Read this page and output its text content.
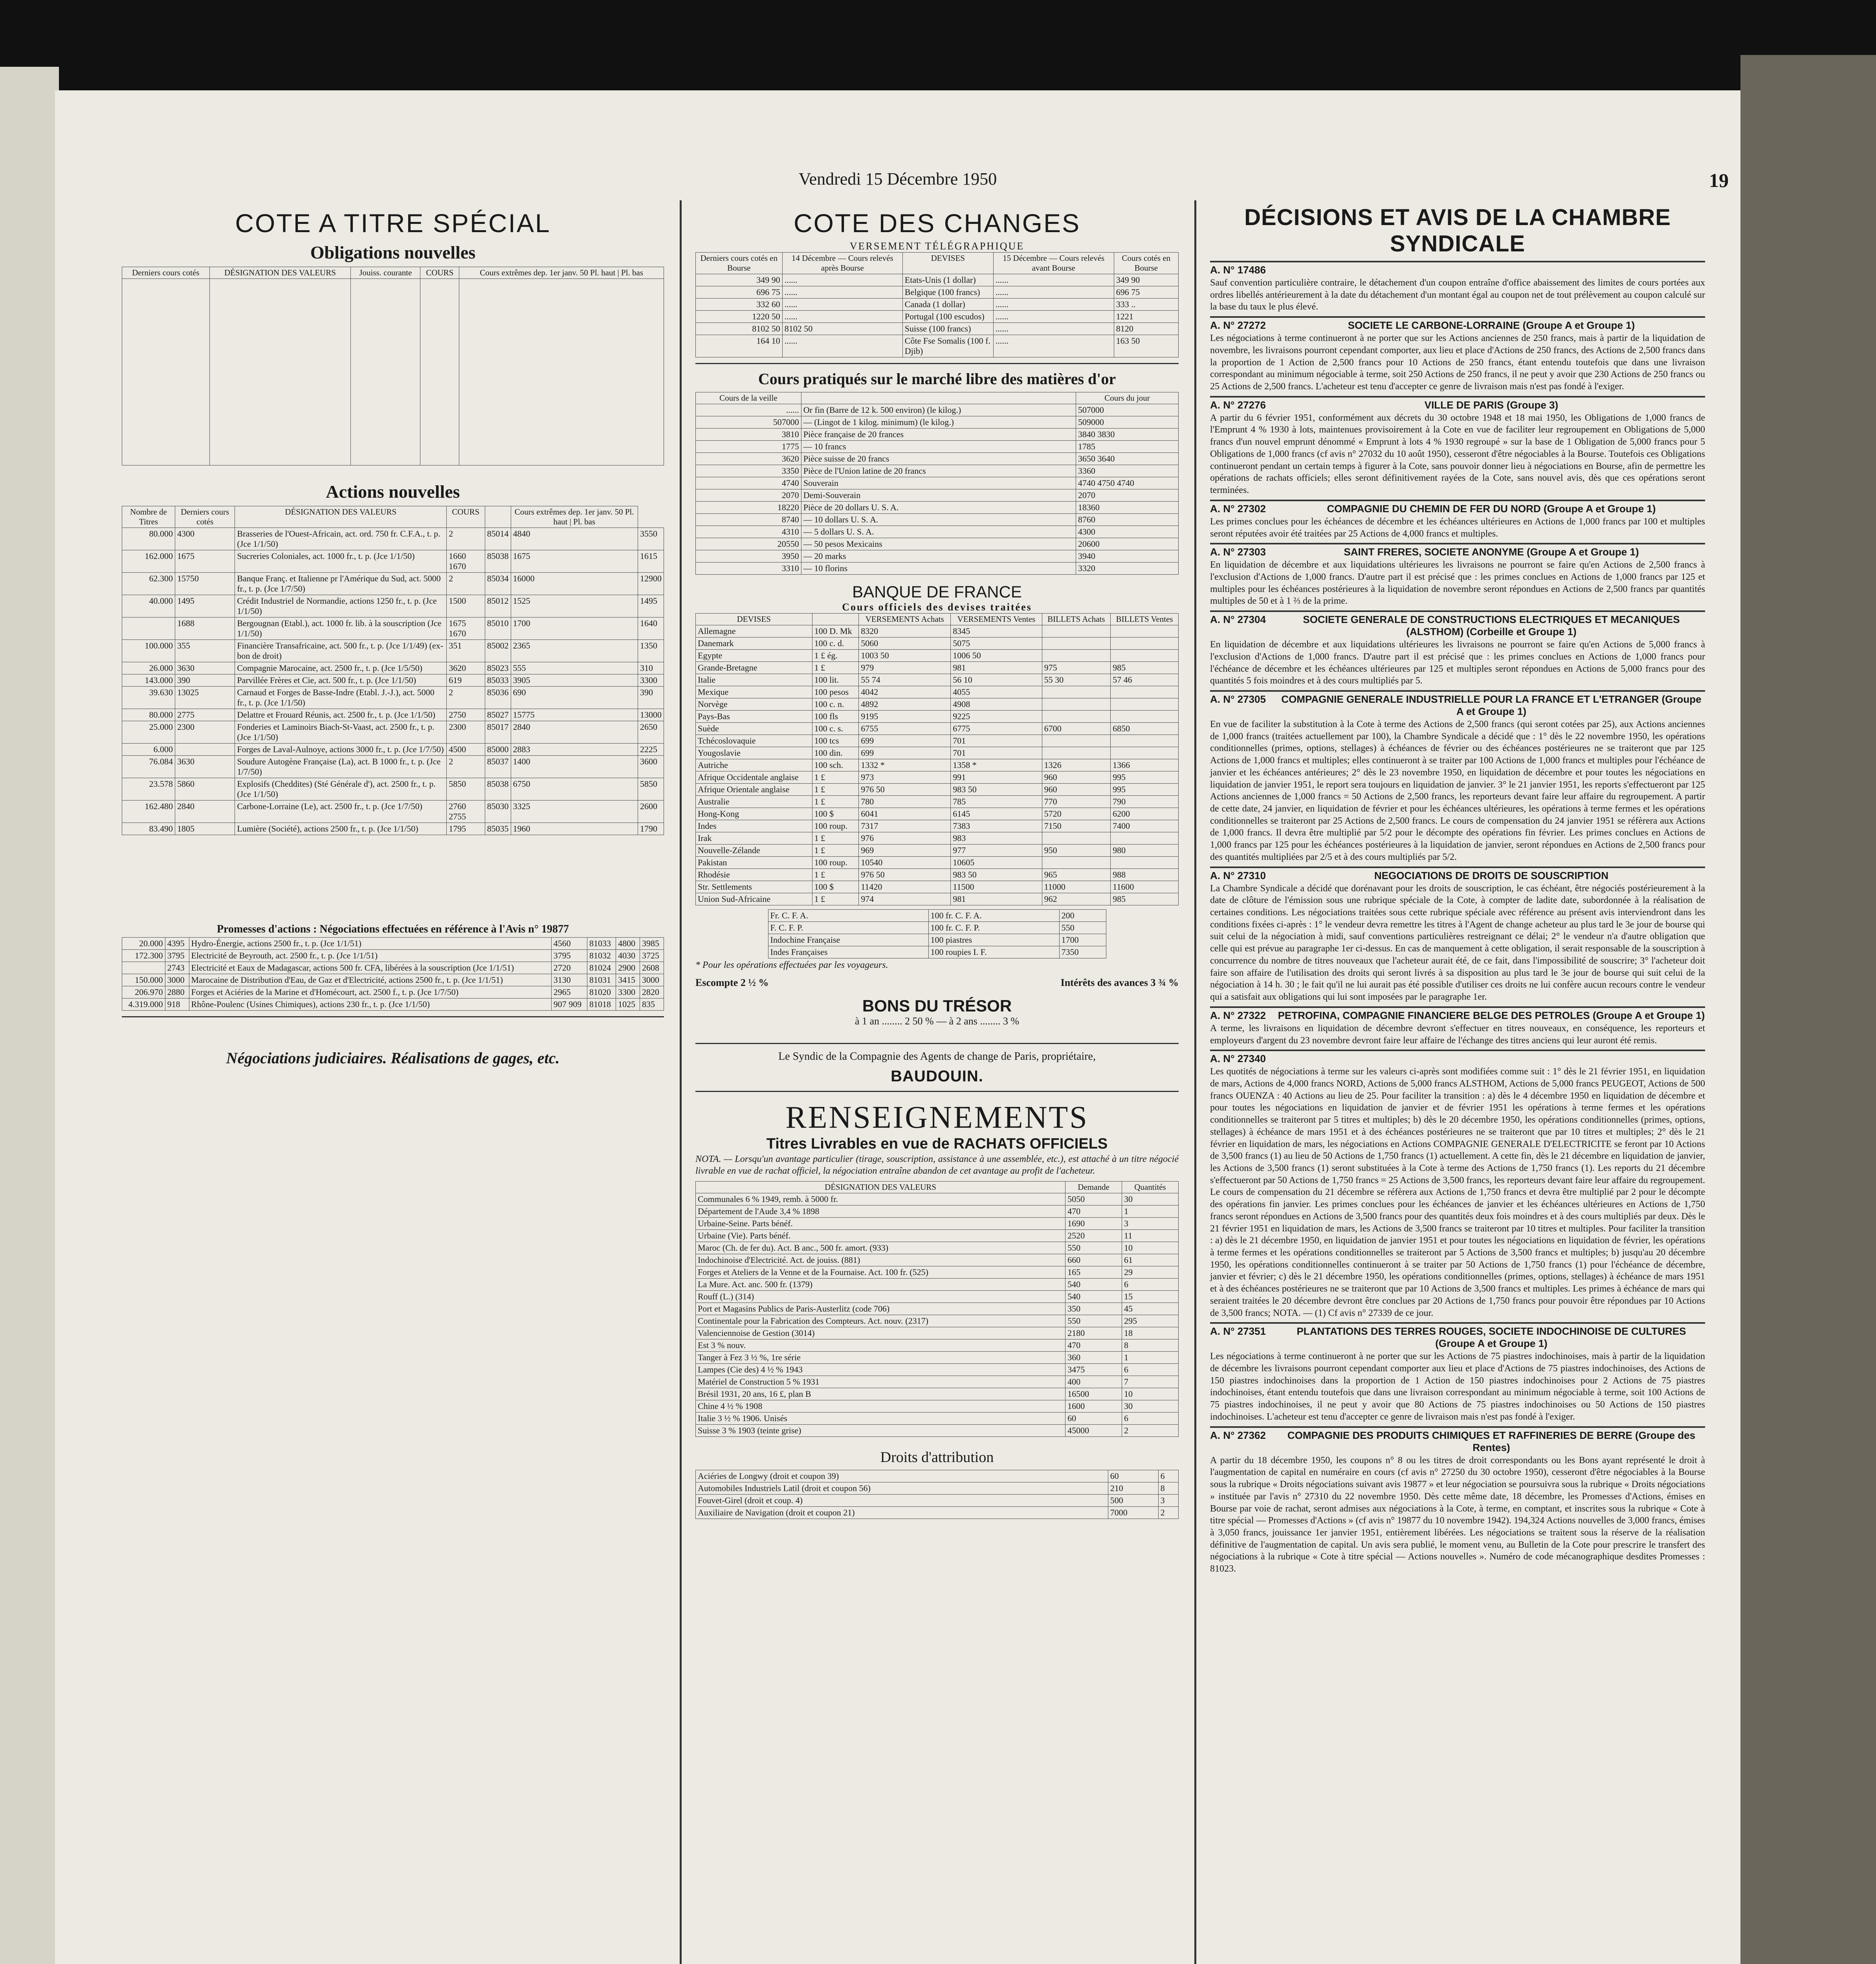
Vendredi 15 Décembre 1950	19
COTE A TITRE SPÉCIAL
Obligations nouvelles
Derniers cours cotés	DÉSIGNATION DES VALEURS	Jouiss. courante	COURS	Cours extrêmes dep. 1er janv. 50 Pl. haut | Pl. bas

Actions nouvelles
Nombre de Titres	Derniers cours cotés	DÉSIGNATION DES VALEURS	COURS		Cours extrêmes dep. 1er janv. 50 Pl. haut | Pl. bas	
80.000	4300	Brasseries de l'Ouest-Africain, act. ord. 750 fr. C.F.A., t. p. (Jce 1/1/50)	2	85014	4840	3550
162.000	1675	Sucreries Coloniales, act. 1000 fr., t. p. (Jce 1/1/50)	1660 1670	85038	1675	1615
62.300	15750	Banque Franç. et Italienne pr l'Amérique du Sud, act. 5000 fr., t. p. (Jce 1/7/50)	2	85034	16000	12900
40.000	1495	Crédit Industriel de Normandie, actions 1250 fr., t. p. (Jce 1/1/50)	1500	85012	1525	1495
	1688	Bergougnan (Etabl.), act. 1000 fr. lib. à la souscription (Jce 1/1/50)	1675 1670	85010	1700	1640
100.000	355	Financière Transafricaine, act. 500 fr., t. p. (Jce 1/1/49) (ex-bon de droit)	351	85002	2365	1350
26.000	3630	Compagnie Marocaine, act. 2500 fr., t. p. (Jce 1/5/50)	3620	85023	555	310
143.000	390	Parvillée Frères et Cie, act. 500 fr., t. p. (Jce 1/1/50)	619	85033	3905	3300
39.630	13025	Carnaud et Forges de Basse-Indre (Etabl. J.-J.), act. 5000 fr., t. p. (Jce 1/1/50)	2	85036	690	390
80.000	2775	Delattre et Frouard Réunis, act. 2500 fr., t. p. (Jce 1/1/50)	2750	85027	15775	13000
25.000	2300	Fonderies et Laminoirs Biach-St-Vaast, act. 2500 fr., t. p. (Jce 1/1/50)	2300	85017	2840	2650
6.000		Forges de Laval-Aulnoye, actions 3000 fr., t. p. (Jce 1/7/50)	4500	85000	2883	2225
76.084	3630	Soudure Autogène Française (La), act. B 1000 fr., t. p. (Jce 1/7/50)	2	85037	1400	3600
23.578	5860	Explosifs (Cheddites) (Sté Générale d'), act. 2500 fr., t. p. (Jce 1/1/50)	5850	85038	6750	5850
162.480	2840	Carbone-Lorraine (Le), act. 2500 fr., t. p. (Jce 1/7/50)	2760 2755	85030	3325	2600
83.490	1805	Lumière (Société), actions 2500 fr., t. p. (Jce 1/1/50)	1795	85035	1960	1790
Promesses d'actions : Négociations effectuées en référence à l'Avis n° 19877
20.000	4395	Hydro-Énergie, actions 2500 fr., t. p. (Jce 1/1/51)	4560	81033	4800	3985
172.300	3795	Electricité de Beyrouth, act. 2500 fr., t. p. (Jce 1/1/51)	3795	81032	4030	3725
	2743	Electricité et Eaux de Madagascar, actions 500 fr. CFA, libérées à la souscription (Jce 1/1/51)	2720	81024	2900	2608
150.000	3000	Marocaine de Distribution d'Eau, de Gaz et d'Electricité, actions 2500 fr., t. p. (Jce 1/1/51)	3130	81031	3415	3000
206.970	2880	Forges et Aciéries de la Marine et d'Homécourt, act. 2500 f., t. p. (Jce 1/7/50)	2965	81020	3300	2820
4.319.000	918	Rhône-Poulenc (Usines Chimiques), actions 230 fr., t. p. (Jce 1/1/50)	907 909	81018	1025	835
Négociations judiciaires. Réalisations de gages, etc.
COTE DES CHANGES
VERSEMENT TÉLÉGRAPHIQUE
Derniers cours cotés en Bourse	14 Décembre — Cours relevés après Bourse	DEVISES	15 Décembre — Cours relevés avant Bourse	Cours cotés en Bourse
349 90	......	Etats-Unis (1 dollar)	......	349 90
696 75	......	Belgique (100 francs)	......	696 75
332 60	......	Canada (1 dollar)	......	333 ..
1220 50	......	Portugal (100 escudos)	......	1221
8102 50	8102 50	Suisse (100 francs)	......	8120
164 10	......	Côte Fse Somalis (100 f. Djib)	......	163 50
Cours pratiqués sur le marché libre des matières d'or
Cours de la veille		Cours du jour
......	Or fin (Barre de 12 k. 500 environ) (le kilog.)	507000
507000	— (Lingot de 1 kilog. minimum) (le kilog.)	509000
3810	Pièce française de 20 frances	3840 3830
1775	— 10 francs	1785
3620	Pièce suisse de 20 francs	3650 3640
3350	Pièce de l'Union latine de 20 francs	3360
4740	Souverain	4740 4750 4740
2070	Demi-Souverain	2070
18220	Pièce de 20 dollars U. S. A.	18360
8740	— 10 dollars U. S. A.	8760
4310	— 5 dollars U. S. A.	4300
20550	— 50 pesos Mexicains	20600
3950	— 20 marks	3940
3310	— 10 florins	3320
BANQUE DE FRANCE
Cours officiels des devises traitées
DEVISES		VERSEMENTS Achats	VERSEMENTS Ventes	BILLETS Achats	BILLETS Ventes
Allemagne	100 D. Mk	8320	8345		
Danemark	100 c. d.	5060	5075		
Egypte	1 £ ég.	1003 50	1006 50		
Grande-Bretagne	1 £	979	981	975	985
Italie	100 lit.	55 74	56 10	55 30	57 46
Mexique	100 pesos	4042	4055		
Norvège	100 c. n.	4892	4908		
Pays-Bas	100 fls	9195	9225		
Suède	100 c. s.	6755	6775	6700	6850
Tchécoslovaquie	100 tcs	699	701		
Yougoslavie	100 din.	699	701		
Autriche	100 sch.	1332 *	1358 *	1326	1366
Afrique Occidentale anglaise	1 £	973	991	960	995
Afrique Orientale anglaise	1 £	976 50	983 50	960	995
Australie	1 £	780	785	770	790
Hong-Kong	100 $	6041	6145	5720	6200
Indes	100 roup.	7317	7383	7150	7400
Irak	1 £	976	983		
Nouvelle-Zélande	1 £	969	977	950	980
Pakistan	100 roup.	10540	10605		
Rhodésie	1 £	976 50	983 50	965	988
Str. Settlements	100 $	11420	11500	11000	11600
Union Sud-Africaine	1 £	974	981	962	985
Fr. C. F. A.	100 fr. C. F. A.	200
F. C. F. P.	100 fr. C. F. P.	550
Indochine Française	100 piastres	1700
Indes Françaises	100 roupies I. F.	7350
* Pour les opérations effectuées par les voyageurs.
Escompte 2 ½ %	Intérêts des avances 3 ¾ %
BONS DU TRÉSOR
à 1 an ........ 2 50 % — à 2 ans ........ 3 %
Le Syndic de la Compagnie des Agents de change de Paris, propriétaire,
BAUDOUIN.
RENSEIGNEMENTS
Titres Livrables en vue de RACHATS OFFICIELS
NOTA. — Lorsqu'un avantage particulier (tirage, souscription, assistance à une assemblée, etc.), est attaché à un titre négocié livrable en vue de rachat officiel, la négociation entraîne abandon de cet avantage au profit de l'acheteur.
DÉSIGNATION DES VALEURS	Demande	Quantités
Communales 6 % 1949, remb. à 5000 fr.	5050	30
Département de l'Aude 3,4 % 1898	470	1
Urbaine-Seine. Parts bénéf.	1690	3
Urbaine (Vie). Parts bénéf.	2520	11
Maroc (Ch. de fer du). Act. B anc., 500 fr. amort. (933)	550	10
Indochinoise d'Electricité. Act. de jouiss. (881)	660	61
Forges et Ateliers de la Venne et de la Fournaise. Act. 100 fr. (525)	165	29
La Mure. Act. anc. 500 fr. (1379)	540	6
Rouff (L.) (314)	540	15
Port et Magasins Publics de Paris-Austerlitz (code 706)	350	45
Continentale pour la Fabrication des Compteurs. Act. nouv. (2317)	550	295
Valenciennoise de Gestion (3014)	2180	18
Est 3 % nouv.	470	8
Tanger à Fez 3 ½ %, 1re série	360	1
Lampes (Cie des) 4 ½ % 1943	3475	6
Matériel de Construction 5 % 1931	400	7
Brésil 1931, 20 ans, 16 £, plan B	16500	10
Chine 4 ½ % 1908	1600	30
Italie 3 ½ % 1906. Unisés	60	6
Suisse 3 % 1903 (teinte grise)	45000	2
Droits d'attribution
Aciéries de Longwy (droit et coupon 39)	60	6
Automobiles Industriels Latil (droit et coupon 56)	210	8
Fouvet-Girel (droit et coup. 4)	500	3
Auxiliaire de Navigation (droit et coupon 21)	7000	2
DÉCISIONS ET AVIS DE LA CHAMBRE SYNDICALE
A. N° 17486
Sauf convention particulière contraire, le détachement d'un coupon entraîne d'office abaissement des limites de cours portées aux ordres libellés antérieurement à la date du détachement d'un montant égal au coupon net de tout prélèvement au coupon calculé sur la base du taux le plus élevé.
A. N° 27272	SOCIETE LE CARBONE-LORRAINE (Groupe A et Groupe 1)
Les négociations à terme continueront à ne porter que sur les Actions anciennes de 250 francs, mais à partir de la liquidation de novembre, les livraisons pourront cependant comporter, aux lieu et place d'Actions de 250 francs, des Actions de 2,500 francs dans la proportion de 1 Action de 2,500 francs pour 10 Actions de 250 francs, étant entendu toutefois que dans une livraison correspondant au minimum négociable à terme, soit 250 Actions de 250 francs, il ne peut y avoir que 230 Actions de 250 francs ou 25 Actions de 2,500 francs. L'acheteur est tenu d'accepter ce genre de livraison mais n'est pas fondé à l'exiger.
A. N° 27276	VILLE DE PARIS (Groupe 3)
A partir du 6 février 1951, conformément aux décrets du 30 octobre 1948 et 18 mai 1950, les Obligations de 1,000 francs de l'Emprunt 4 % 1930 à lots, maintenues provisoirement à la Cote en vue de faciliter leur regroupement en Obligations de 5,000 francs d'un nouvel emprunt dénommé « Emprunt à lots 4 % 1930 regroupé » sur la base de 1 Obligation de 5,000 francs pour 5 Obligations de 1,000 francs (cf avis n° 27032 du 10 août 1950), cesseront d'être négociables à la Bourse. Toutefois ces Obligations continueront pendant un certain temps à figurer à la Cote, sans pouvoir donner lieu à négociations en Bourse, afin de permettre les opérations de rachats officiels; elles seront définitivement rayées de la Cote, sans nouvel avis, dès que ces opérations seront terminées.
A. N° 27302	COMPAGNIE DU CHEMIN DE FER DU NORD (Groupe A et Groupe 1)
Les primes conclues pour les échéances de décembre et les échéances ultérieures en Actions de 1,000 francs par 100 et multiples seront réputées avoir été traitées par 25 Actions de 4,000 francs et multiples.
A. N° 27303	SAINT FRERES, SOCIETE ANONYME (Groupe A et Groupe 1)
En liquidation de décembre et aux liquidations ultérieures les livraisons ne pourront se faire qu'en Actions de 2,500 francs à l'exclusion d'Actions de 1,000 francs. D'autre part il est précisé que : les primes conclues en Actions de 1,000 francs par 125 et multiples pour les échéances postérieures à la liquidation de novembre seront répondues en Actions de 2,500 francs par quantités multiples de 50 et à 1 ⅔ de la prime.
A. N° 27304	SOCIETE GENERALE DE CONSTRUCTIONS ELECTRIQUES ET MECANIQUES (ALSTHOM) (Corbeille et Groupe 1)
En liquidation de décembre et aux liquidations ultérieures les livraisons ne pourront se faire qu'en Actions de 5,000 francs à l'exclusion d'Actions de 1,000 francs. D'autre part il est précisé que : les primes conclues en Actions de 1,000 francs pour l'échéance de décembre et les échéances ultérieures par 125 et multiples seront répondues en Actions de 5,000 francs pour des quantités 5 fois moindres et à des cours multipliés par 5.
A. N° 27305	COMPAGNIE GENERALE INDUSTRIELLE POUR LA FRANCE ET L'ETRANGER (Groupe A et Groupe 1)
En vue de faciliter la substitution à la Cote à terme des Actions de 2,500 francs (qui seront cotées par 25), aux Actions anciennes de 1,000 francs (traitées actuellement par 100), la Chambre Syndicale a décidé que : 1° dès le 22 novembre 1950, les opérations conditionnelles (primes, options, stellages) à échéances de février ou des échéances postérieures ne se traiteront que par 125 Actions de 1,000 francs et multiples; elles continueront à se traiter par 100 Actions de 1,000 francs et multiples pour l'échéance de janvier et les échéances antérieures; 2° dès le 23 novembre 1950, en liquidation de décembre et pour toutes les négociations en liquidation de janvier 1951, le report sera toujours en liquidation de janvier. 3° le 21 janvier 1951, les reports s'effectueront par 125 Actions anciennes de 1,000 francs = 50 Actions de 2,500 francs, les reporteurs devant faire leur affaire du regroupement. A partir de cette date, 24 janvier, en liquidation de février et pour les échéances ultérieures, les opérations à terme fermes et les opérations conditionnelles se traiteront par 25 Actions de 2,500 francs. Le cours de compensation du 24 janvier 1951 se réfèrera aux Actions de 1,000 francs. Il devra être multiplié par 5/2 pour le décompte des opérations fin février. Les primes conclues en Actions de 1,000 francs par 125 pour les échéances postérieures à la liquidation de janvier, seront répondues en Actions de 2,500 francs pour des quantités multipliées par 2/5 et à des cours multipliés par 5/2.
A. N° 27310	NEGOCIATIONS DE DROITS DE SOUSCRIPTION
La Chambre Syndicale a décidé que dorénavant pour les droits de souscription, le cas échéant, être négociés postérieurement à la date de clôture de l'émission sous une rubrique spéciale de la Cote, à compter de ladite date, subordonnée à la réalisation de certaines conditions. Les négociations traitées sous cette rubrique spéciale avec référence au présent avis interviendront dans les conditions fixées ci-après : 1° le vendeur devra remettre les titres à l'Agent de change acheteur au plus tard le 3e jour de bourse qui suit celui de la négociation à midi, sauf conventions particulières restreignant ce délai; 2° le vendeur n'a d'autre obligation que celle qui est prévue au paragraphe 1er ci-dessus. En cas de manquement à cette obligation, il serait responsable de la souscription à concurrence du nombre de titres nouveaux que l'acheteur aurait été, de ce fait, dans l'impossibilité de souscrire; 3° l'acheteur doit faire son affaire de l'utilisation des droits qui seront livrés à sa disposition au plus tard le 3e jour de bourse qui suit celui de la négociation à 14 h. 30 ; le fait qu'il ne lui aurait pas été possible d'utiliser ces droits ne lui confère aucun recours contre le vendeur qui a satisfait aux obligations qui lui sont imposées par le paragraphe 1er.
A. N° 27322 PETROFINA, COMPAGNIE FINANCIERE BELGE DES PETROLES (Groupe A et Groupe 1)
A terme, les livraisons en liquidation de décembre devront s'effectuer en titres nouveaux, en conséquence, les reporteurs et employeurs d'argent du 23 novembre devront faire leur affaire de l'échange des titres anciens qui leur auront été remis.
A. N° 27340
Les quotités de négociations à terme sur les valeurs ci-après sont modifiées comme suit : 1° dès le 21 février 1951, en liquidation de mars, Actions de 4,000 francs NORD, Actions de 5,000 francs ALSTHOM, Actions de 5,000 francs PEUGEOT, Actions de 500 francs OUENZA : 40 Actions au lieu de 25. Pour faciliter la transition : a) dès le 4 décembre 1950 en liquidation de décembre et pour toutes les négociations en liquidation de janvier et de février 1951 les opérations à terme fermes et les opérations conditionnelles se traiteront par 5 titres et multiples; b) dès le 20 décembre 1950, les opérations conditionnelles (primes, options, stellages) à échéance de mars 1951 et à des échéances postérieures ne se traiteront que par 10 titres et multiples; 2° dès le 21 février en liquidation de mars, les négociations en Actions COMPAGNIE GENERALE D'ELECTRICITE se feront par 10 Actions de 3,500 francs (1) au lieu de 50 Actions de 1,750 francs (1) actuellement. A cette fin, dès le 21 décembre en liquidation de janvier, les Actions de 3,500 francs (1) seront substituées à la Cote à terme des Actions de 1,750 francs (1). Les reports du 21 décembre s'effectueront par 50 Actions de 1,750 francs = 25 Actions de 3,500 francs, les reporteurs devant faire leur affaire du regroupement. Le cours de compensation du 21 décembre se réfèrera aux Actions de 1,750 francs et devra être multiplié par 2 pour le décompte des opérations fin janvier. Les primes conclues pour les échéances de janvier et les échéances ultérieures en Actions de 1,750 francs seront répondues en Actions de 3,500 francs pour des quantités deux fois moindres et à des cours multipliés par deux. Dès le 21 février 1951 en liquidation de mars, les Actions de 3,500 francs se traiteront par 10 titres et multiples. Pour faciliter la transition : a) dès le 21 décembre 1950, en liquidation de janvier 1951 et pour toutes les négociations en liquidation de février, les opérations à terme fermes et les opérations conditionnelles se traiteront par 5 Actions de 3,500 francs et multiples; b) jusqu'au 20 décembre 1950, les opérations conditionnelles continueront à se traiter par 50 Actions de 1,750 francs (1) pour l'échéance de décembre, janvier et février; c) dès le 21 décembre 1950, les opérations conditionnelles (primes, options, stellages) à échéance de mars 1951 et à des échéances postérieures ne se traiteront que par 10 Actions de 3,500 francs et multiples. Les primes à échéance de mars qui seraient traitées le 20 décembre devront être conclues par 20 Actions de 1,750 francs pour pouvoir être répondues par 10 Actions de 3,500 francs; NOTA. — (1) Cf avis n° 27339 de ce jour.
A. N° 27351	PLANTATIONS DES TERRES ROUGES, SOCIETE INDOCHINOISE DE CULTURES (Groupe A et Groupe 1)
Les négociations à terme continueront à ne porter que sur les Actions de 75 piastres indochinoises, mais à partir de la liquidation de décembre les livraisons pourront cependant comporter aux lieu et place d'Actions de 75 piastres indochinoises, des Actions de 150 piastres indochinoises dans la proportion de 1 Action de 150 piastres indochinoises pour 2 Actions de 75 piastres indochinoises, étant entendu toutefois que dans une livraison correspondant au minimum négociable à terme, soit 100 Actions de 75 piastres indochinoises, il ne peut y avoir que 80 Actions de 75 piastres indochinoises ou 50 Actions de 150 piastres indochinoises. L'acheteur est tenu d'accepter ce genre de livraison mais n'est pas fondé à l'exiger.
A. N° 27362	COMPAGNIE DES PRODUITS CHIMIQUES ET RAFFINERIES DE BERRE (Groupe des Rentes)
A partir du 18 décembre 1950, les coupons n° 8 ou les titres de droit correspondants ou les Bons ayant représenté le droit à l'augmentation de capital en numéraire en cours (cf avis n° 27250 du 30 octobre 1950), cesseront d'être négociables à la Bourse sous la rubrique « Droits négociations suivant avis 19877 » et leur négociation se poursuivra sous la rubrique « Droits négociations » instituée par l'avis n° 27310 du 22 novembre 1950. Dès cette même date, 18 décembre, les Promesses d'Actions, émises en Bourse par voie de rachat, seront admises aux négociations à la Cote, à terme, en comptant, et inscrites sous la rubrique « Cote à titre spécial — Promesses d'Actions » (cf avis n° 19877 du 10 novembre 1942). 194,324 Actions nouvelles de 3,000 francs, émises à 3,050 francs, jouissance 1er janvier 1951, entièrement libérées. Les négociations se traitent sous la réserve de la réalisation définitive de l'augmentation de capital. Un avis sera publié, le moment venu, au Bulletin de la Cote pour prescrire le transfert des négociations à la rubrique « Cote à titre spécial — Actions nouvelles ». Numéro de code mécanographique desdites Promesses : 81023.
